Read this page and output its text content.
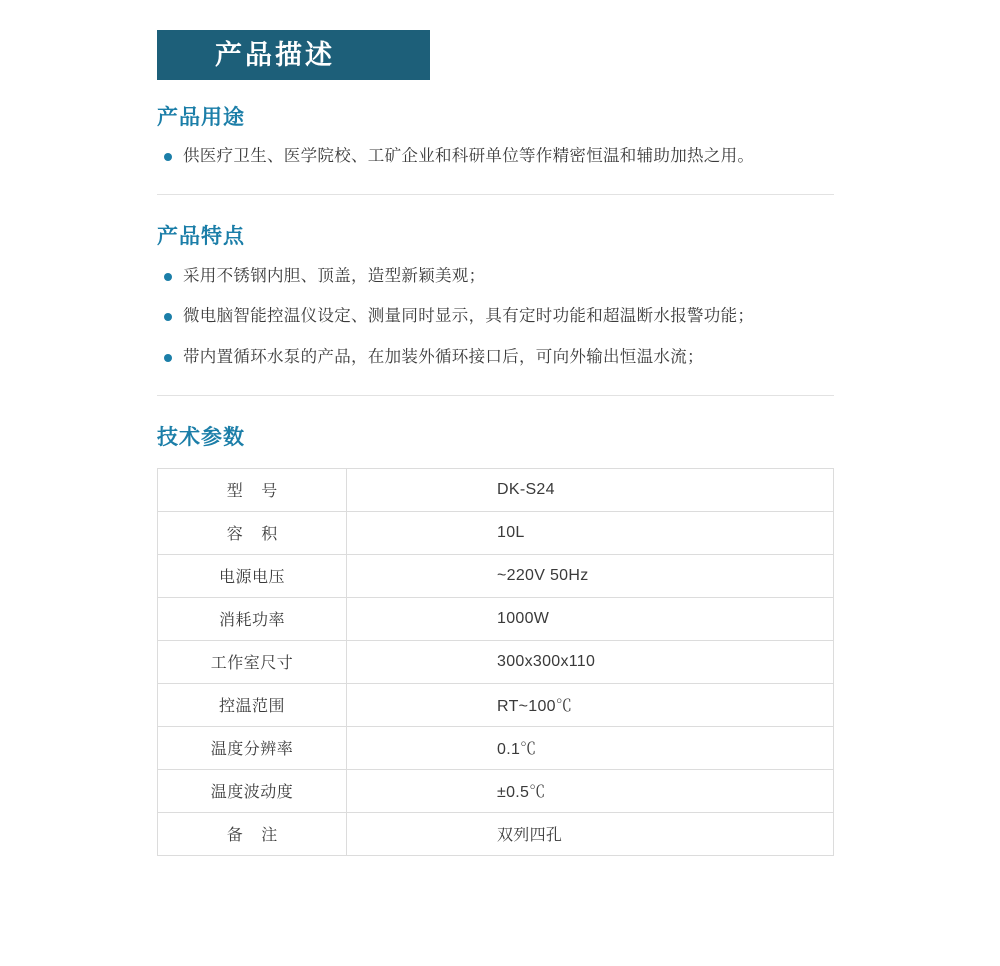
产品描述
产品用途
供医疗卫生、医学院校、工矿企业和科研单位等作精密恒温和辅助加热之用。
产品特点
采用不锈钢内胆、顶盖，造型新颖美观；
微电脑智能控温仪设定、测量同时显示，具有定时功能和超温断水报警功能；
带内置循环水泵的产品，在加装外循环接口后，可向外输出恒温水流；
技术参数
型 号	DK-S24
容 积	10L
电源电压	~220V 50Hz
消耗功率	1000W
工作室尺寸	300x300x110
控温范围	RT~100℃
温度分辨率	0.1℃
温度波动度	±0.5℃
备 注	双列四孔
